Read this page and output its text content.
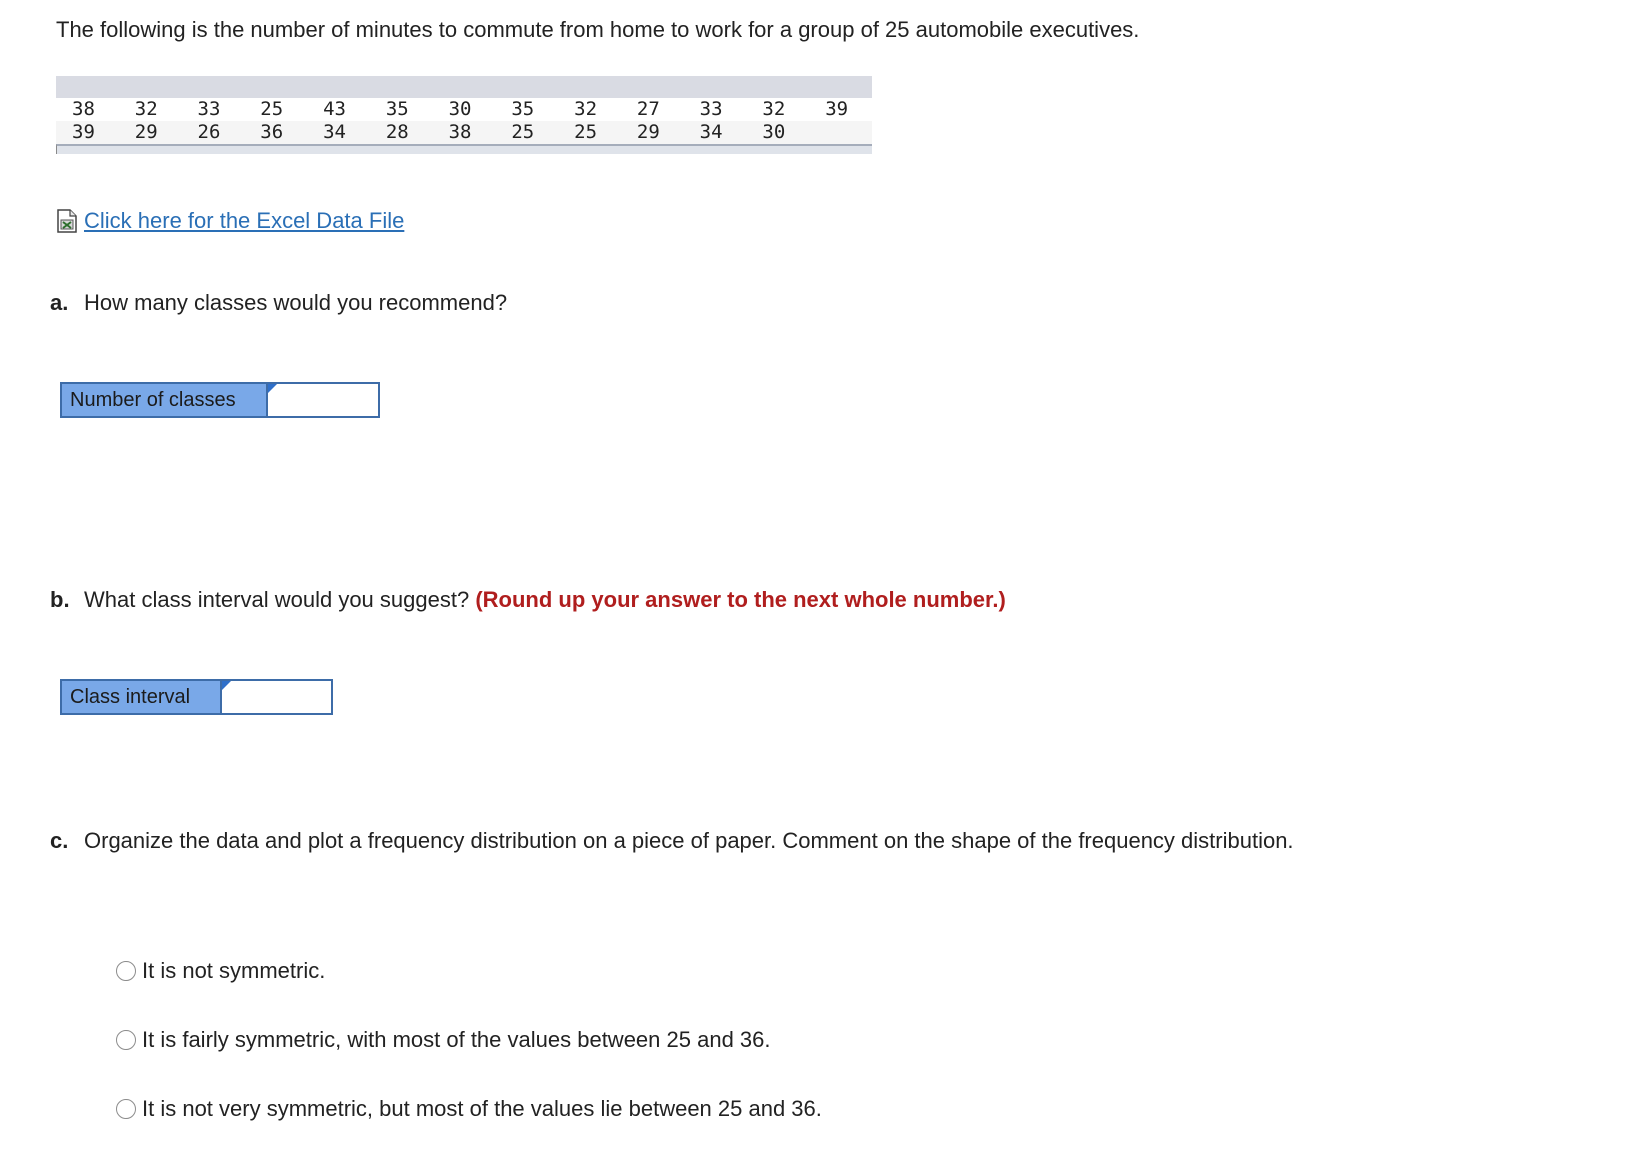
The following is the number of minutes to commute from home to work for a group of 25 automobile executives.
38	32	33	25	43	35	30	35	32	27	33	32	39
39	29	26	36	34	28	38	25	25	29	34	30	
Click here for the Excel Data File
a. How many classes would you recommend?
Number of classes
b. What class interval would you suggest? (Round up your answer to the next whole number.)
Class interval
c. Organize the data and plot a frequency distribution on a piece of paper. Comment on the shape of the frequency distribution.
It is not symmetric.
It is fairly symmetric, with most of the values between 25 and 36.
It is not very symmetric, but most of the values lie between 25 and 36.
